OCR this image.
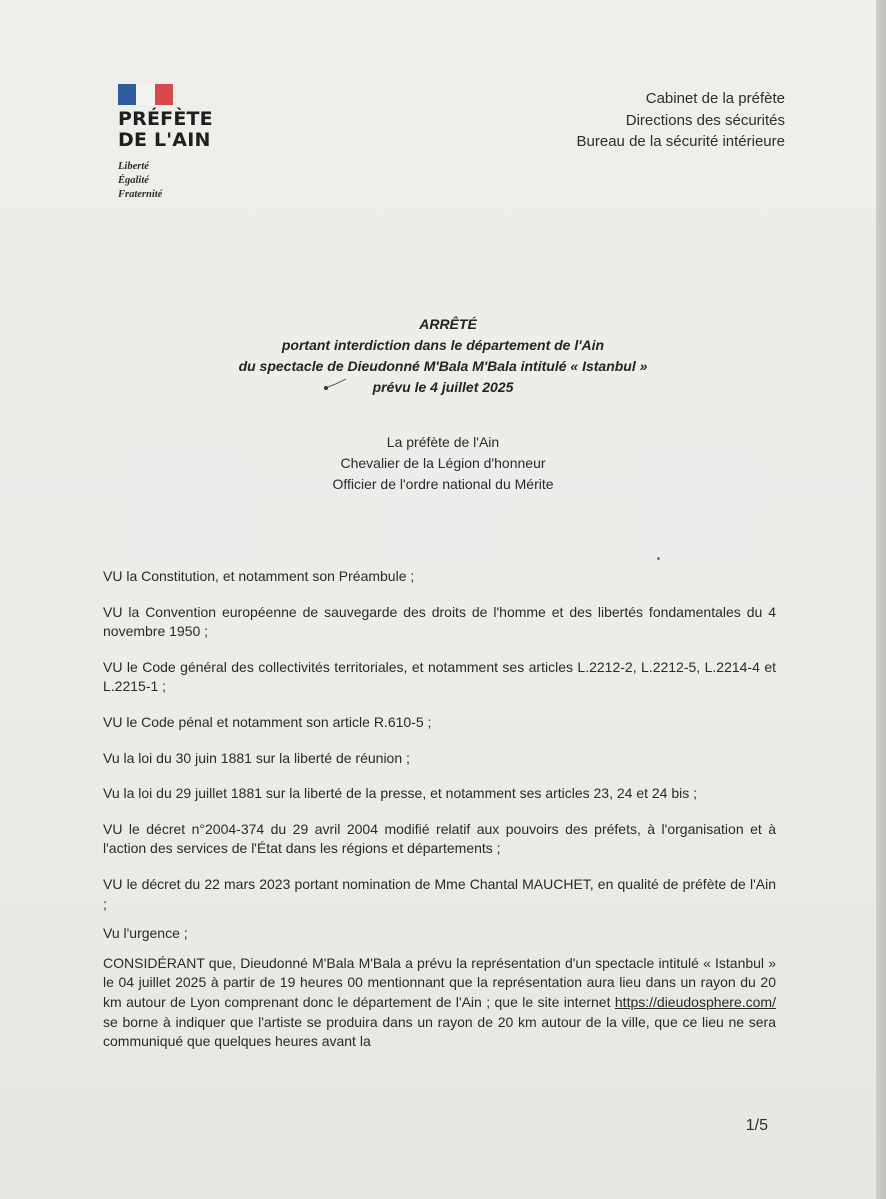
PRÉFÈTE
DE L'AIN
Liberté
Égalité
Fraternité
Cabinet de la préfète
Directions des sécurités
Bureau de la sécurité intérieure
ARRÊTÉ
portant interdiction dans le département de l'Ain
du spectacle de Dieudonné M'Bala M'Bala intitulé « Istanbul »
prévu le 4 juillet 2025
La préfète de l'Ain
Chevalier de la Légion d'honneur
Officier de l'ordre national du Mérite

VU la Constitution, et notamment son Préambule ;

VU la Convention européenne de sauvegarde des droits de l'homme et des libertés fondamentales du 4 novembre 1950 ;

VU le Code général des collectivités territoriales, et notamment ses articles L.2212-2, L.2212-5, L.2214-4 et L.2215-1 ;

VU le Code pénal et notamment son article R.610-5 ;

Vu la loi du 30 juin 1881 sur la liberté de réunion ;

Vu la loi du 29 juillet 1881 sur la liberté de la presse, et notamment ses articles 23, 24 et 24 bis ;

VU le décret n°2004-374 du 29 avril 2004 modifié relatif aux pouvoirs des préfets, à l'organisation et à l'action des services de l'État dans les régions et départements ;

VU le décret du 22 mars 2023 portant nomination de Mme Chantal MAUCHET, en qualité de préfète de l'Ain ;

Vu l'urgence ;

CONSIDÉRANT que, Dieudonné M'Bala M'Bala a prévu la représentation d'un spectacle intitulé « Istanbul » le 04 juillet 2025 à partir de 19 heures 00 mentionnant que la représentation aura lieu dans un rayon du 20 km autour de Lyon comprenant donc le département de l'Ain ; que le site internet https://dieudosphere.com/ se borne à indiquer que l'artiste se produira dans un rayon de 20 km autour de la ville, que ce lieu ne sera communiqué que quelques heures avant la

1/5
